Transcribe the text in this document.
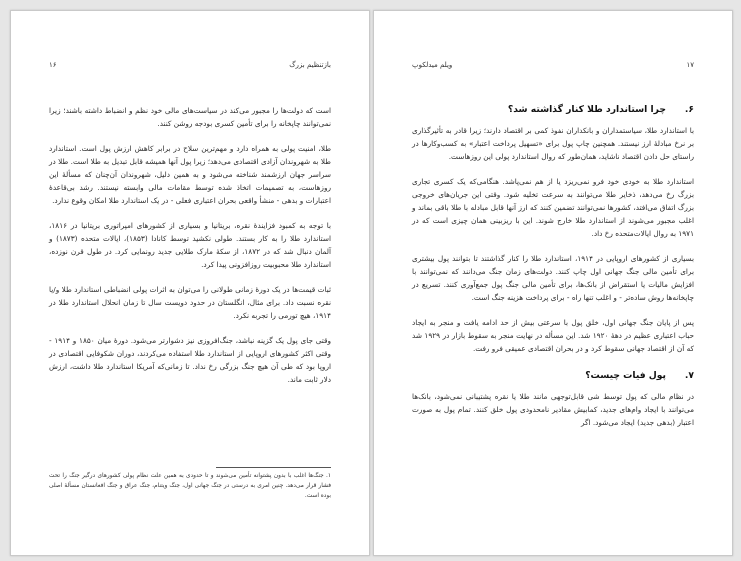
بازتنظیم بزرگ
۱۶

است که دولت‌ها را مجبور می‌کند در سیاست‌های مالی خود نظم و انضباط داشته باشند؛ زیرا نمی‌توانند چاپخانه را برای تأمین کسری بودجه روشن کنند.

طلا، امنیت پولی به همراه دارد و مهم‌ترین سلاح در برابر کاهش ارزش پول است. استاندارد طلا به شهروندان آزادی اقتصادی می‌دهد؛ زیرا پول آنها همیشه قابل تبدیل به طلا است. طلا در سراسر جهان ارزشمند شناخته می‌شود و به همین دلیل، شهروندان آن‌چنان که مسألهٔ این روزهاست، به تصمیمات اتخاذ شده توسط مقامات مالی وابسته نیستند. رشد بی‌قاعدهٔ اعتبارات و بدهی - منشأ واقعی بحران اعتباری فعلی - در یک استاندارد طلا امکان وقوع ندارد.

با توجه به کمبود فزایندهٔ نقره، بریتانیا و بسیاری از کشورهای امپراتوری بریتانیا در ۱۸۱۶، استاندارد طلا را به کار بستند. طولی نکشید توسط کانادا (۱۸۵۳)، ایالات متحده (۱۸۷۳) و آلمان دنبال شد که در ۱۸۷۲، از سکهٔ مارک طلایی جدید رونمایی کرد. در طول قرن نوزده، استاندارد طلا محبوبیت روزافزونی پیدا کرد.

ثبات قیمت‌ها در یک دورهٔ زمانی طولانی را می‌توان به اثرات پولی انضباطی استاندارد طلا و/یا نقره نسبت داد. برای مثال، انگلستان در حدود دویست سال تا زمان انحلال استاندارد طلا در ۱۹۱۴، هیچ تورمی را تجربه نکرد.

وقتی جای پول یک گزینه نباشد، جنگ‌افروزی نیز دشوارتر می‌شود. دورهٔ میان ۱۸۵۰ و ۱۹۱۴ - وقتی اکثر کشورهای اروپایی از استاندارد طلا استفاده می‌کردند، دوران شکوفایی اقتصادی در اروپا بود که طی آن هیچ جنگ بزرگی رخ نداد. تا زمانی‌که آمریکا استاندارد طلا داشت، ارزش دلار ثابت ماند.

۱. جنگ‌ها اغلب با بدون پشتوانه تأمین می‌شوند و تا حدودی به همین علت نظام پولی کشورهای درگیر جنگ را تحت فشار قرار می‌دهد. چنین امری به درستی در جنگ جهانی اول، جنگ ویتنام، جنگ عراق و جنگ افغانستان مسألهٔ اصلی بوده است.
۱۷
ویلم میدلکوپ
۶.
چرا استاندارد طلا کنار گذاشته شد؟

با استاندارد طلا، سیاستمداران و بانکداران نفوذ کمی بر اقتصاد دارند؛ زیرا قادر به تأثیرگذاری بر نرخ مبادلهٔ ارز نیستند. همچنین چاپ پول برای «تسهیل پرداخت اعتبار» به کسب‌وکارها در راستای حل دادن اقتصاد ناشاید، همان‌طور که روال استاندارد پولی این روزهاست.

استاندارد طلا به خودی خود فرو نمی‌ریزد یا از هم نمی‌پاشد. هنگامی‌که یک کسری تجاری بزرگ رخ می‌دهد، ذخایر طلا می‌توانند به سرعت تخلیه شود. وقتی این جریان‌های خروجی بزرگ اتفاق می‌افتد، کشورها نمی‌توانند تضمین کنند که ارز آنها قابل مبادله با طلا باقی بماند و اغلب مجبور می‌شوند از استاندارد طلا خارج شوند. این با ریزبینی همان چیزی است که در ۱۹۷۱ به روال ایالات‌متحده رخ داد.

بسیاری از کشورهای اروپایی در ۱۹۱۴، استاندارد طلا را کنار گذاشتند تا بتوانند پول بیشتری برای تأمین مالی جنگ جهانی اول چاپ کنند. دولت‌های زمان جنگ می‌دانند که نمی‌توانند با افزایش مالیات یا استقراض از بانک‌ها، برای تأمین مالی جنگ پول جمع‌آوری کنند. تسریع در چاپخانه‌ها روش ساده‌تر - و اغلب تنها راه - برای پرداخت هزینه جنگ است.

پس از پایان جنگ جهانی اول، خلق پول با سرعتی بیش از حد ادامه یافت و منجر به ایجاد حباب اعتباری عظیم در دههٔ ۱۹۲۰ شد. این مسأله در نهایت منجر به سقوط بازار در ۱۹۲۹ شد که آن از اقتصاد جهانی سقوط کرد و در بحران اقتصادی عمیقی فرو رفت.

۷.
پول فیات چیست؟

در نظام مالی که پول توسط شی قابل‌توجهی مانند طلا یا نقره پشتیبانی نمی‌شود، بانک‌ها می‌توانند با ایجاد وام‌های جدید، کمابیش مقادیر نامحدودی پول خلق کنند. تمام پول به صورت اعتبار (بدهی جدید) ایجاد می‌شود. اگر
